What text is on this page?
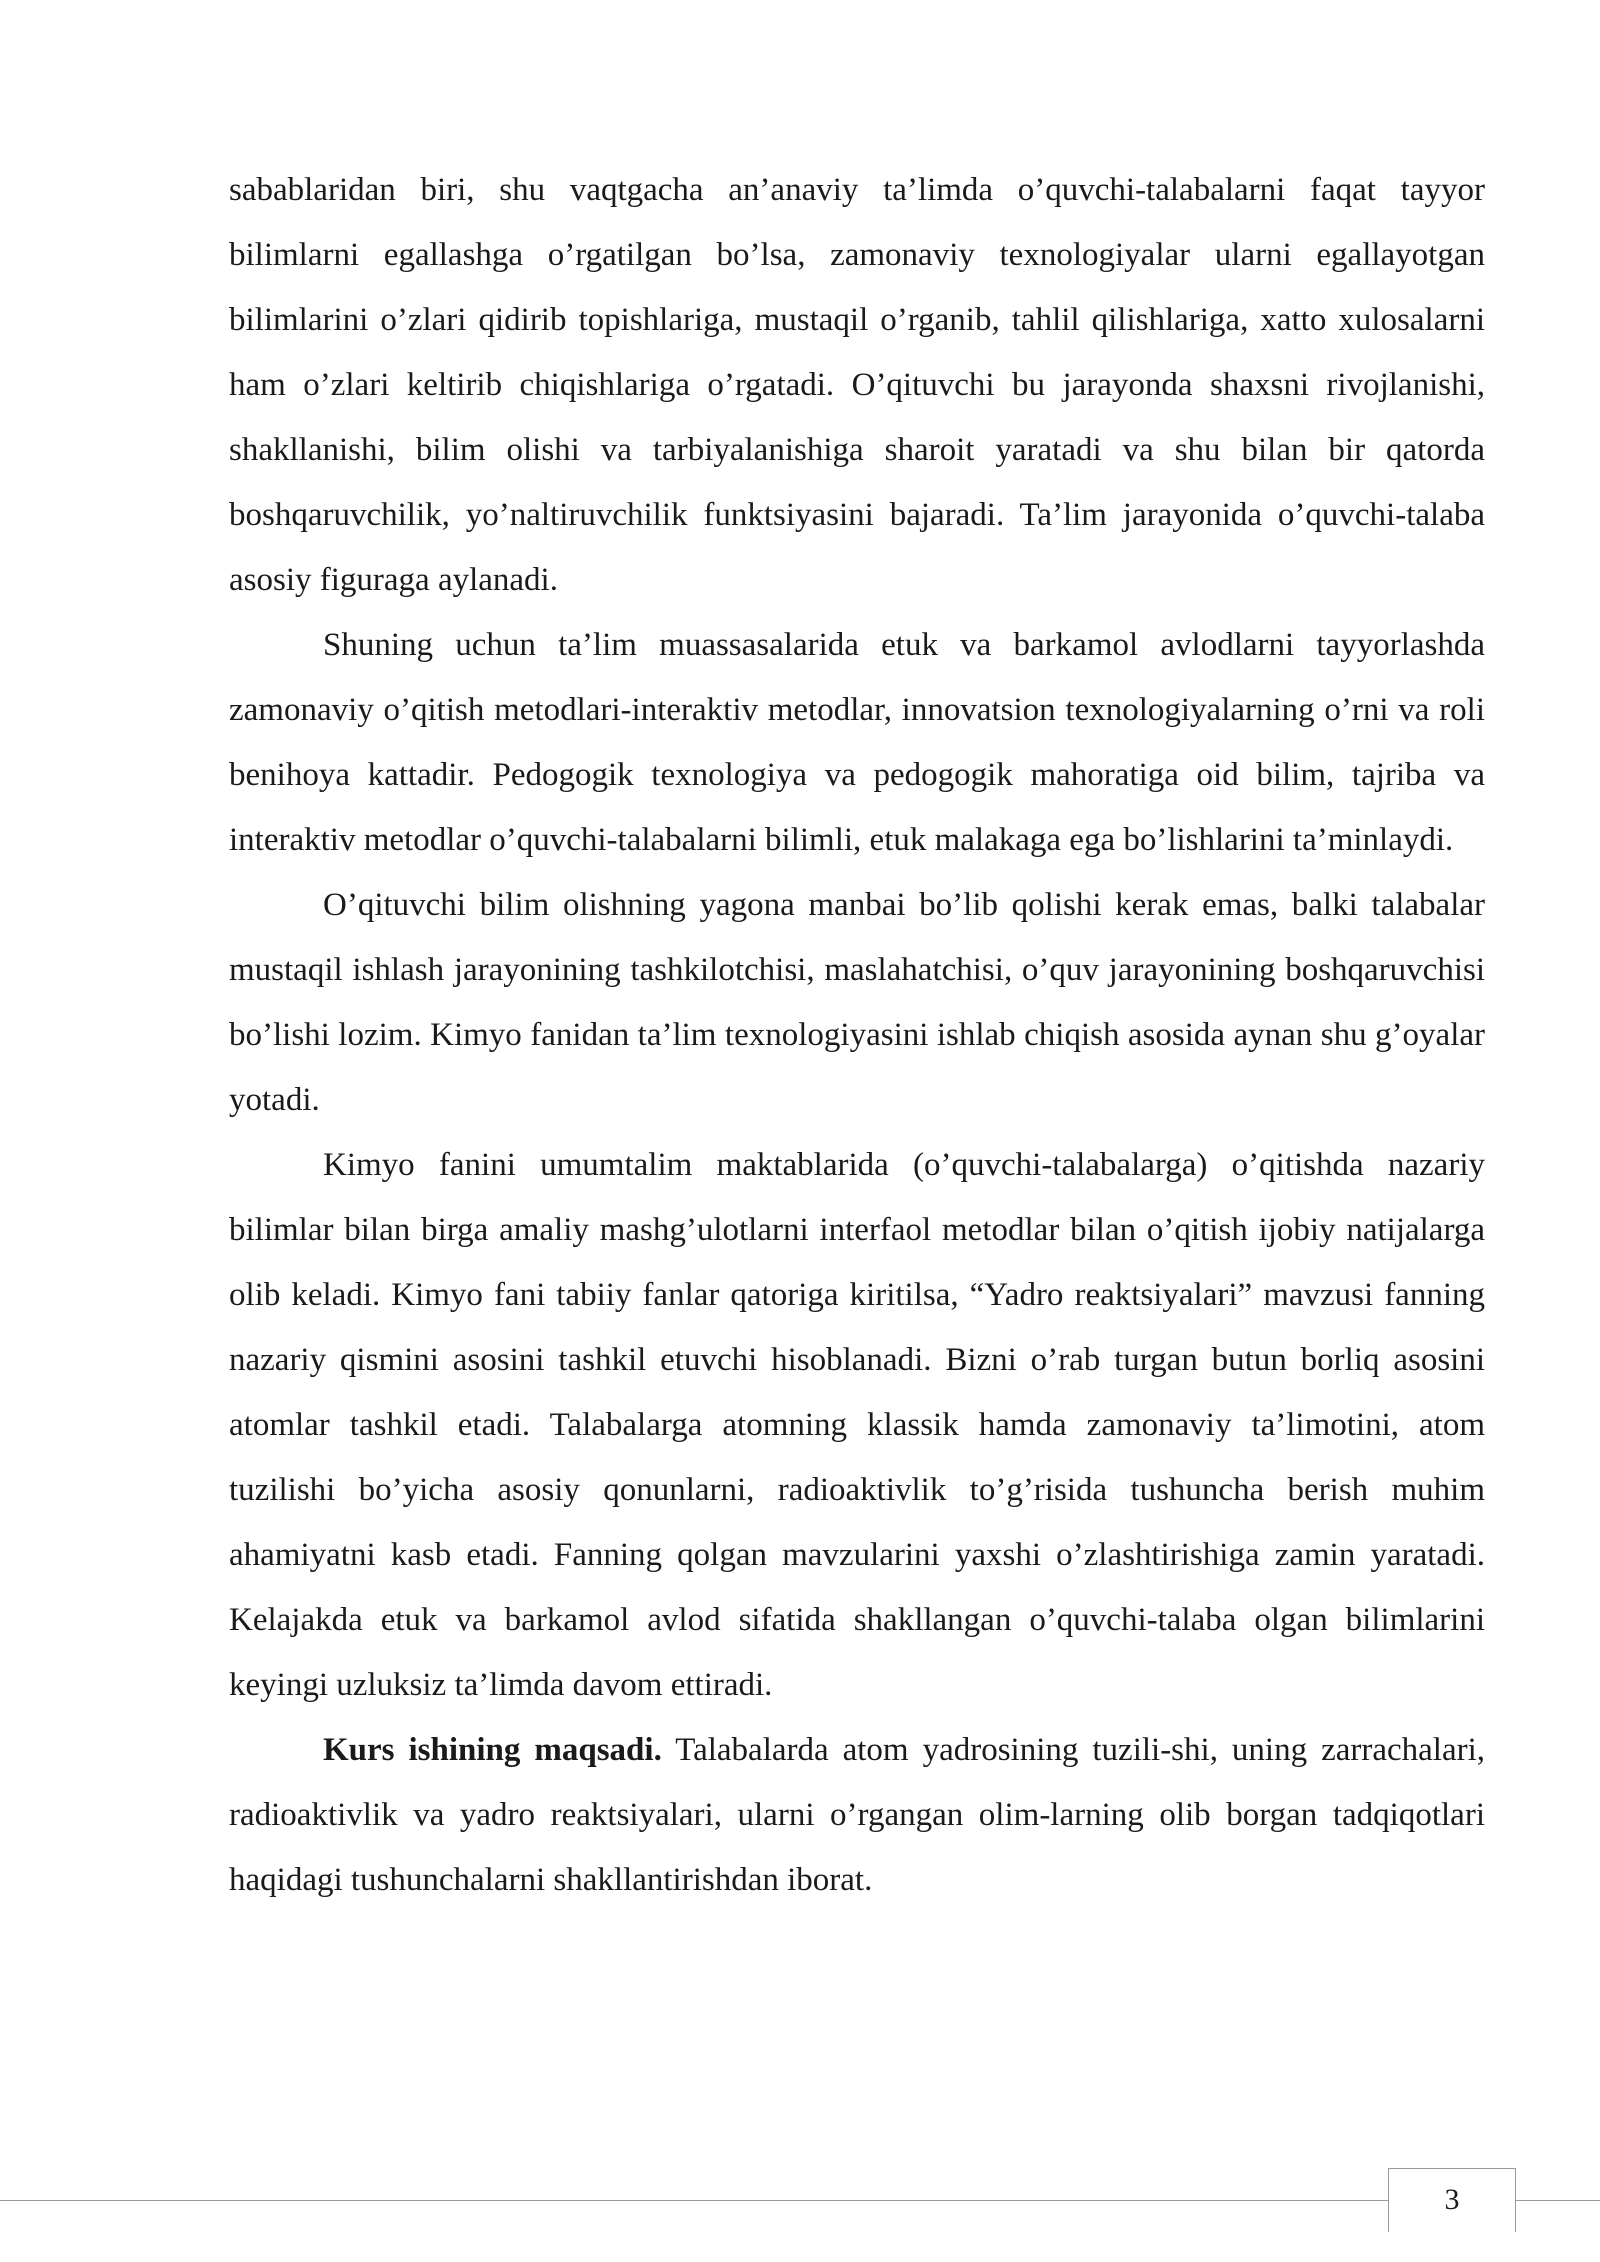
sabablaridan biri, shu vaqtgacha an’anaviy ta’limda o’quvchi-talabalarni faqat tayyor bilimlarni egallashga o’rgatilgan bo’lsa, zamonaviy texnologiyalar ularni egallayotgan bilimlarini o’zlari qidirib topishlariga, mustaqil o’rganib, tahlil qilishlariga, xatto xulosalarni ham o’zlari keltirib chiqishlariga o’rgatadi. O’qituvchi bu jarayonda shaxsni rivojlanishi, shakllanishi, bilim olishi va tarbiyalanishiga sharoit yaratadi va shu bilan bir qatorda boshqaruvchilik, yo’naltiruvchilik funktsiyasini bajaradi. Ta’lim jarayonida o’quvchi-talaba asosiy figuraga aylanadi.

Shuning uchun ta’lim muassasalarida etuk va barkamol avlodlarni tayyorlashda zamonaviy o’qitish metodlari-interaktiv metodlar, innovatsion texnologiyalarning o’rni va roli benihoya kattadir. Pedogogik texnologiya va pedogogik mahoratiga oid bilim, tajriba va interaktiv metodlar o’quvchi-talabalarni bilimli, etuk malakaga ega bo’lishlarini ta’minlaydi.

O’qituvchi bilim olishning yagona manbai bo’lib qolishi kerak emas, balki talabalar mustaqil ishlash jarayonining tashkilotchisi, maslahatchisi, o’quv jarayonining boshqaruvchisi bo’lishi lozim. Kimyo fanidan ta’lim texnologiyasini ishlab chiqish asosida aynan shu g’oyalar yotadi.

Kimyo fanini umumtalim maktablarida (o’quvchi-talabalarga) o’qitishda nazariy bilimlar bilan birga amaliy mashg’ulotlarni interfaol metodlar bilan o’qitish ijobiy natijalarga olib keladi. Kimyo fani tabiiy fanlar qatoriga kiritilsa, “Yadro reaktsiyalari” mavzusi fanning nazariy qismini asosini tashkil etuvchi hisoblanadi. Bizni o’rab turgan butun borliq asosini atomlar tashkil etadi. Talabalarga atomning klassik hamda zamonaviy ta’limotini, atom tuzilishi bo’yicha asosiy qonunlarni, radioaktivlik to’g’risida tushuncha berish muhim ahamiyatni kasb etadi. Fanning qolgan mavzularini yaxshi o’zlashtirishiga zamin yaratadi. Kelajakda etuk va barkamol avlod sifatida shakllangan o’quvchi-talaba olgan bilimlarini keyingi uzluksiz ta’limda davom ettiradi.

Kurs ishining maqsadi. Talabalarda atom yadrosining tuzili-shi, uning zarrachalari, radioaktivlik va yadro reaktsiyalari, ularni o’rgangan olim-larning olib borgan tadqiqotlari haqidagi tushunchalarni shakllantirishdan iborat.

3
